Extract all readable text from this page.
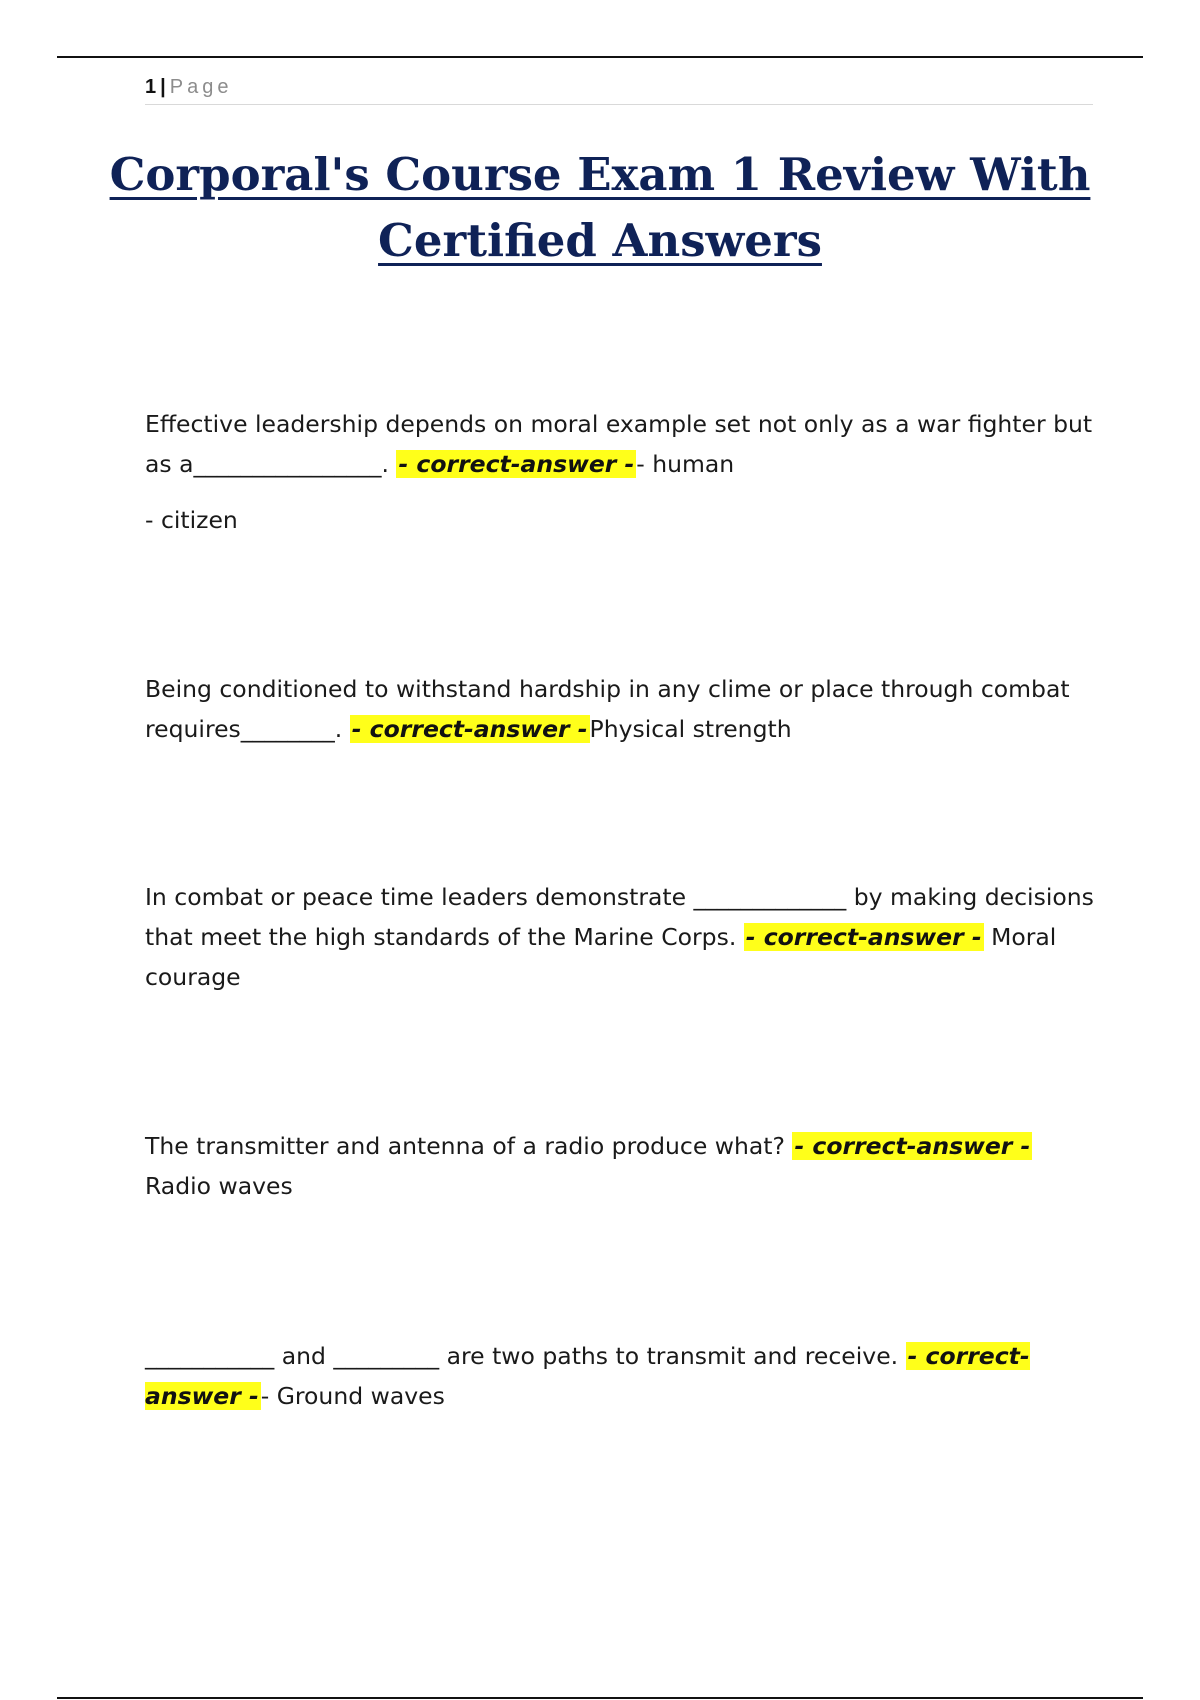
1 | Page
Corporal's Course Exam 1 Review With Certified Answers

Effective leadership depends on moral example set not only as a war fighter but as a________________. - correct-answer -- human

- citizen

Being conditioned to withstand hardship in any clime or place through combat requires________. - correct-answer -Physical strength

In combat or peace time leaders demonstrate _____________ by making decisions that meet the high standards of the Marine Corps. - correct-answer - Moral courage

The transmitter and antenna of a radio produce what? - correct-answer -Radio waves

___________ and _________ are two paths to transmit and receive. - correct-answer -- Ground waves
